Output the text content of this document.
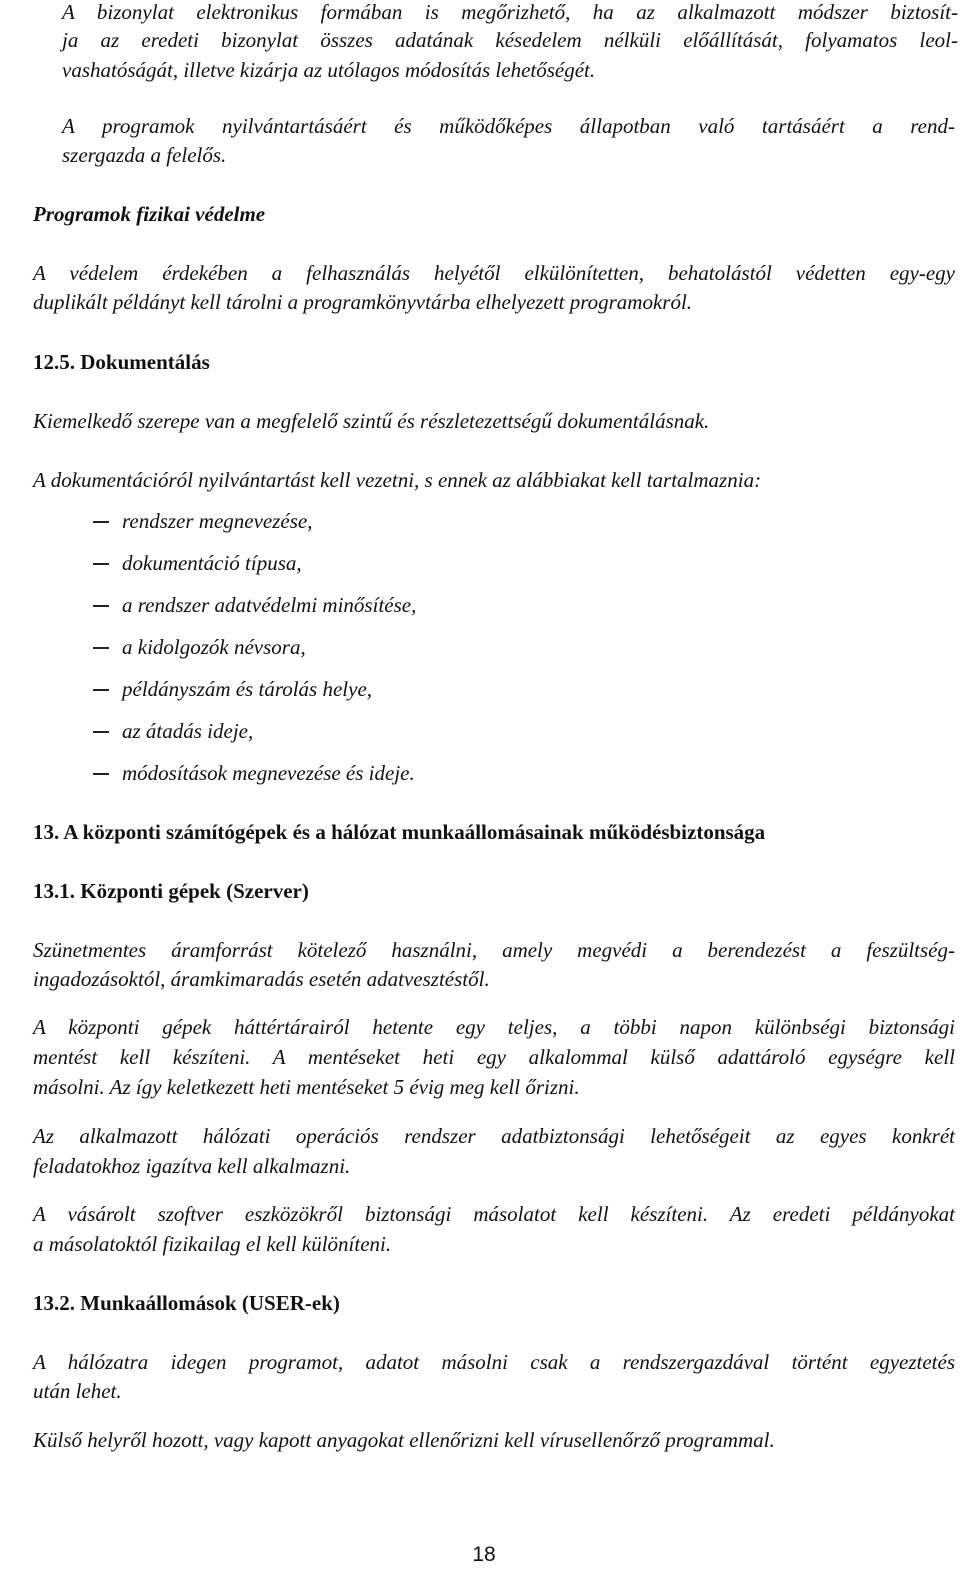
A bizonylat elektronikus formában is megőrizhető, ha az alkalmazott módszer biztosít-
ja az eredeti bizonylat összes adatának késedelem nélküli előállítását, folyamatos leol-
vashatóságát, illetve kizárja az utólagos módosítás lehetőségét.
A programok nyilvántartásáért és működőképes állapotban való tartásáért a rend-
szergazda a felelős.
Programok fizikai védelme
A védelem érdekében a felhasználás helyétől elkülönítetten, behatolástól védetten egy-egy
duplikált példányt kell tárolni a programkönyvtárba elhelyezett programokról.
12.5. Dokumentálás
Kiemelkedő szerepe van a megfelelő szintű és részletezettségű dokumentálásnak.
A dokumentációról nyilvántartást kell vezetni, s ennek az alábbiakat kell tartalmaznia:
rendszer megnevezése,
dokumentáció típusa,
a rendszer adatvédelmi minősítése,
a kidolgozók névsora,
példányszám és tárolás helye,
az átadás ideje,
módosítások megnevezése és ideje.
13. A központi számítógépek és a hálózat munkaállomásainak működésbiztonsága
13.1. Központi gépek (Szerver)
Szünetmentes áramforrást kötelező használni, amely megvédi a berendezést a feszültség-
ingadozásoktól, áramkimaradás esetén adatvesztéstől.
A központi gépek háttértárairól hetente egy teljes, a többi napon különbségi biztonsági
mentést kell készíteni. A mentéseket heti egy alkalommal külső adattároló egységre kell
másolni. Az így keletkezett heti mentéseket 5 évig meg kell őrizni.
Az alkalmazott hálózati operációs rendszer adatbiztonsági lehetőségeit az egyes konkrét
feladatokhoz igazítva kell alkalmazni.
A vásárolt szoftver eszközökről biztonsági másolatot kell készíteni. Az eredeti példányokat
a másolatoktól fizikailag el kell különíteni.
13.2. Munkaállomások (USER-ek)
A hálózatra idegen programot, adatot másolni csak a rendszergazdával történt egyeztetés
után lehet.
Külső helyről hozott, vagy kapott anyagokat ellenőrizni kell vírusellenőrző programmal.
18
